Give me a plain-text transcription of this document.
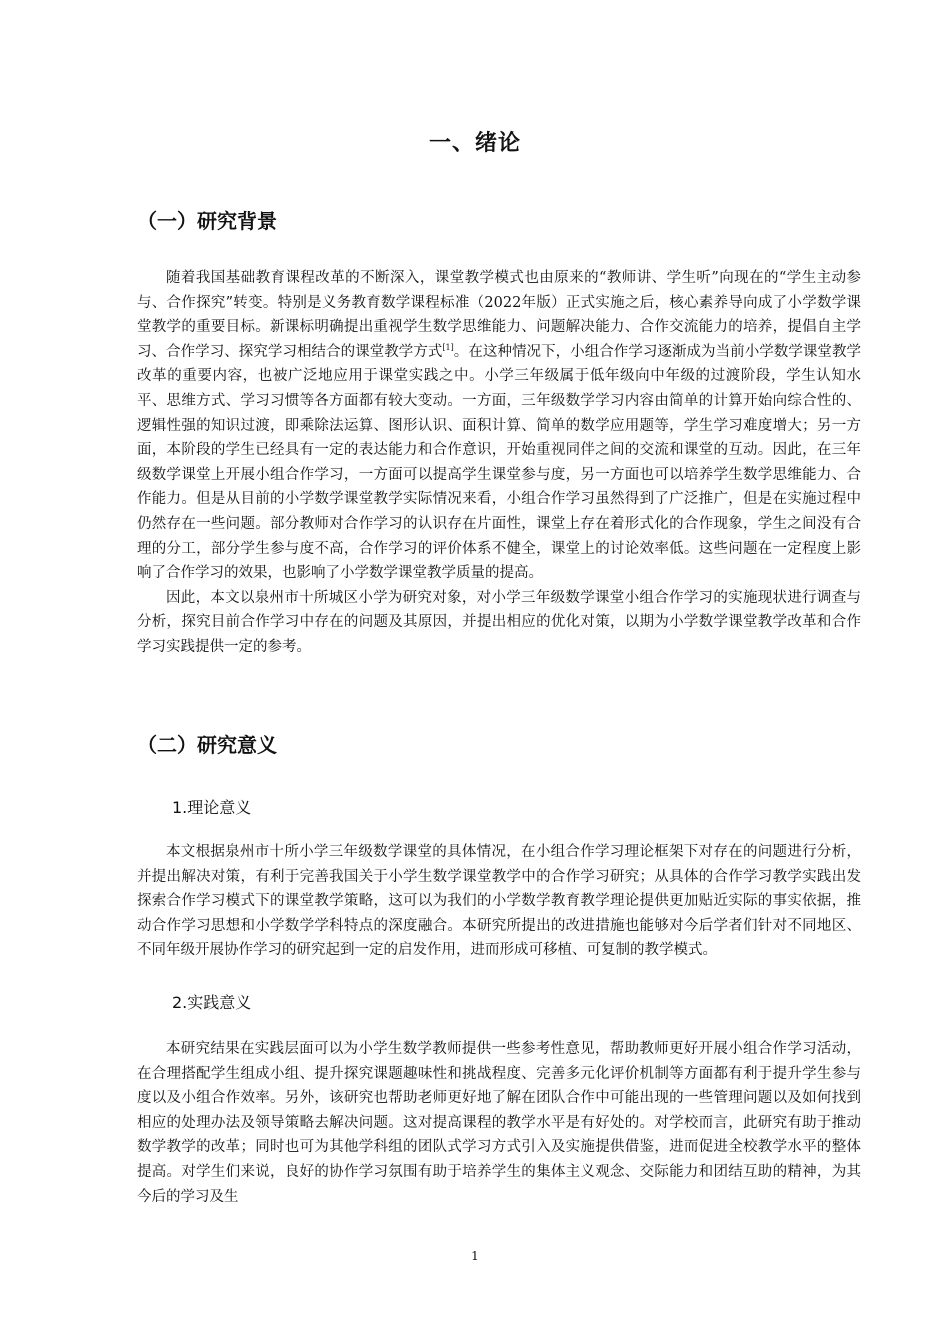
一、绪论
（一）研究背景

随着我国基础教育课程改革的不断深入，课堂教学模式也由原来的“教师讲、学生听”向现在的“学生主动参与、合作探究”转变。特别是义务教育数学课程标准（2022年版）正式实施之后，核心素养导向成了小学数学课堂教学的重要目标。新课标明确提出重视学生数学思维能力、问题解决能力、合作交流能力的培养，提倡自主学习、合作学习、探究学习相结合的课堂教学方式[1]。在这种情况下，小组合作学习逐渐成为当前小学数学课堂教学改革的重要内容，也被广泛地应用于课堂实践之中。小学三年级属于低年级向中年级的过渡阶段，学生认知水平、思维方式、学习习惯等各方面都有较大变动。一方面，三年级数学学习内容由简单的计算开始向综合性的、逻辑性强的知识过渡，即乘除法运算、图形认识、面积计算、简单的数学应用题等，学生学习难度增大；另一方面，本阶段的学生已经具有一定的表达能力和合作意识，开始重视同伴之间的交流和课堂的互动。因此，在三年级数学课堂上开展小组合作学习，一方面可以提高学生课堂参与度，另一方面也可以培养学生数学思维能力、合作能力。但是从目前的小学数学课堂教学实际情况来看，小组合作学习虽然得到了广泛推广，但是在实施过程中仍然存在一些问题。部分教师对合作学习的认识存在片面性，课堂上存在着形式化的合作现象，学生之间没有合理的分工，部分学生参与度不高，合作学习的评价体系不健全，课堂上的讨论效率低。这些问题在一定程度上影响了合作学习的效果，也影响了小学数学课堂教学质量的提高。

因此，本文以泉州市十所城区小学为研究对象，对小学三年级数学课堂小组合作学习的实施现状进行调查与分析，探究目前合作学习中存在的问题及其原因，并提出相应的优化对策，以期为小学数学课堂教学改革和合作学习实践提供一定的参考。

（二）研究意义
1.理论意义

本文根据泉州市十所小学三年级数学课堂的具体情况，在小组合作学习理论框架下对存在的问题进行分析，并提出解决对策，有利于完善我国关于小学生数学课堂教学中的合作学习研究；从具体的合作学习教学实践出发探索合作学习模式下的课堂教学策略，这可以为我们的小学数学教育教学理论提供更加贴近实际的事实依据，推动合作学习思想和小学数学学科特点的深度融合。本研究所提出的改进措施也能够对今后学者们针对不同地区、不同年级开展协作学习的研究起到一定的启发作用，进而形成可移植、可复制的教学模式。

2.实践意义

本研究结果在实践层面可以为小学生数学教师提供一些参考性意见，帮助教师更好开展小组合作学习活动，在合理搭配学生组成小组、提升探究课题趣味性和挑战程度、完善多元化评价机制等方面都有利于提升学生参与度以及小组合作效率。另外，该研究也帮助老师更好地了解在团队合作中可能出现的一些管理问题以及如何找到相应的处理办法及领导策略去解决问题。这对提高课程的教学水平是有好处的。对学校而言，此研究有助于推动数学教学的改革；同时也可为其他学科组的团队式学习方式引入及实施提供借鉴，进而促进全校教学水平的整体提高。对学生们来说，良好的协作学习氛围有助于培养学生的集体主义观念、交际能力和团结互助的精神，为其今后的学习及生

1
